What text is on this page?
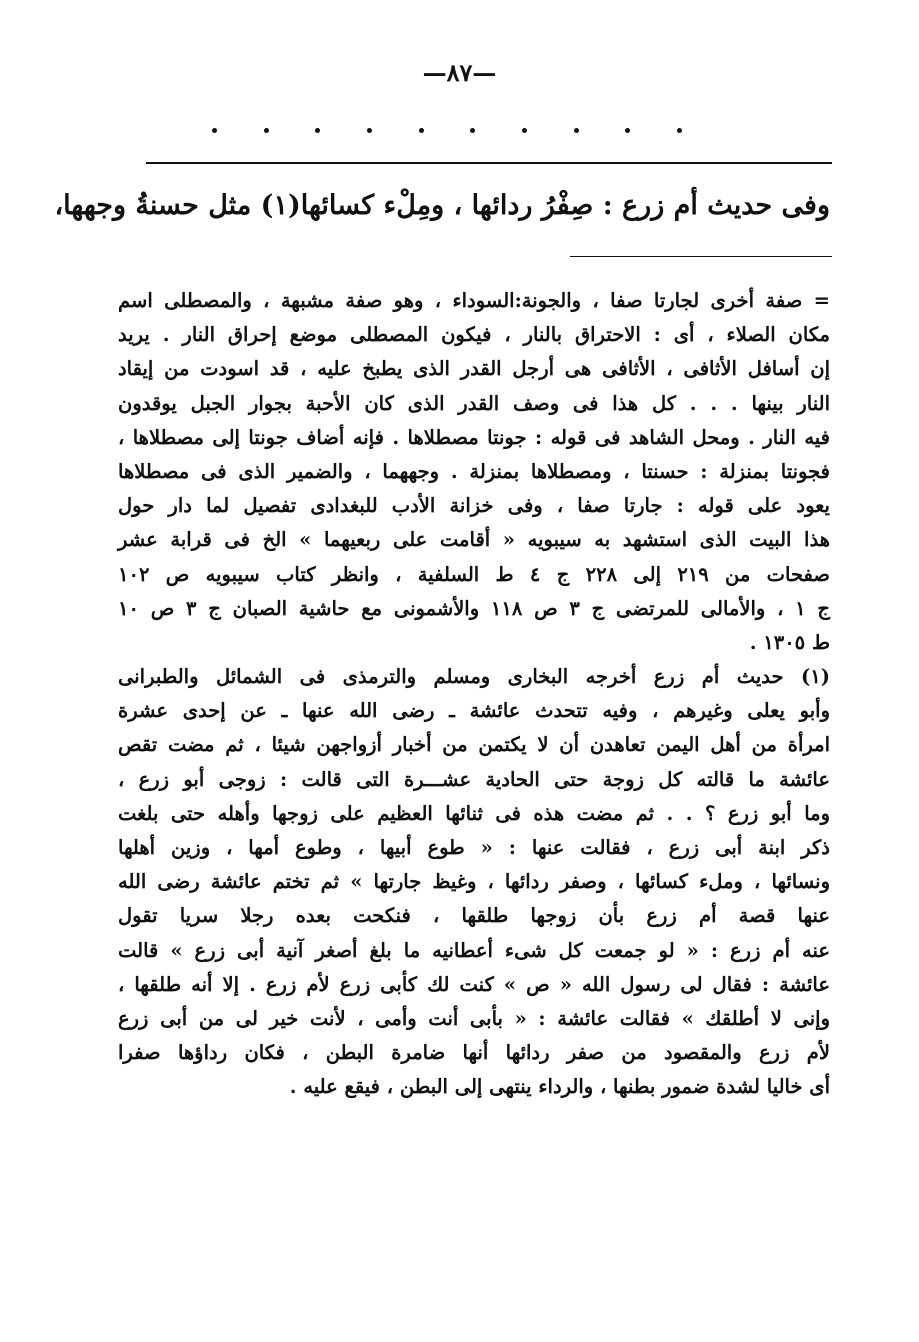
—٨٧—
وفى حديث أم زرع : صِفْرُ ردائها ، ومِلْء كسائها(١) مثل حسنةُ وجهها،
= صفة أخرى لجارتا صفا ، والجونة:السوداء ، وهو صفة مشبهة ، والمصطلى اسم
مكان الصلاء ، أى : الاحتراق بالنار ، فيكون المصطلى موضع إحراق النار . يريد
إن أسافل الأثافى ، الأثافى هى أرجل القدر الذى يطبخ عليه ، قد اسودت من إيقاد
النار بينها . . . كل هذا فى وصف القدر الذى كان الأحبة بجوار الجبل يوقدون
فيه النار . ومحل الشاهد فى قوله : جونتا مصطلاها . فإنه أضاف جونتا إلى مصطلاها ،
فجونتا بمنزلة : حسنتا ، ومصطلاها بمنزلة . وجههما ، والضمير الذى فى مصطلاها
يعود على قوله : جارتا صفا ، وفى خزانة الأدب للبغدادى تفصيل لما دار حول
هذا البيت الذى استشهد به سيبويه « أقامت على ربعيهما » الخ فى قرابة عشر
صفحات من ٢١٩ إلى ٢٢٨ ج ٤ ط السلفية ، وانظر كتاب سيبويه ص ١٠٢
ج ١ ، والأمالى للمرتضى ج ٣ ص ١١٨ والأشمونى مع حاشية الصبان ج ٣ ص ١٠
ط ١٣٠٥ .
(١) حديث أم زرع أخرجه البخارى ومسلم والترمذى فى الشمائل والطبرانى
وأبو يعلى وغيرهم ، وفيه تتحدث عائشة ـ رضى الله عنها ـ عن إحدى عشرة
امرأة من أهل اليمن تعاهدن أن لا يكتمن من أخبار أزواجهن شيئا ، ثم مضت تقص
عائشة ما قالته كل زوجة حتى الحادية عشـــرة التى قالت : زوجى أبو زرع ،
وما أبو زرع ؟ . . ثم مضت هذه فى ثنائها العظيم على زوجها وأهله حتى بلغت
ذكر ابنة أبى زرع ، فقالت عنها : « طوع أبيها ، وطوع أمها ، وزين أهلها
ونسائها ، وملء كسائها ، وصفر ردائها ، وغيظ جارتها » ثم تختم عائشة رضى الله
عنها قصة أم زرع بأن زوجها طلقها ، فنكحت بعده رجلا سريا تقول
عنه أم زرع : « لو جمعت كل شىء أعطانيه ما بلغ أصغر آنية أبى زرع » قالت
عائشة : فقال لى رسول الله « ص » كنت لك كأبى زرع لأم زرع . إلا أنه طلقها ،
وإنى لا أطلقك » فقالت عائشة : « بأبى أنت وأمى ، لأنت خير لى من أبى زرع
لأم زرع والمقصود من صفر ردائها أنها ضامرة البطن ، فكان رداؤها صفرا
أى خاليا لشدة ضمور بطنها ، والرداء ينتهى إلى البطن ، فيقع عليه .
